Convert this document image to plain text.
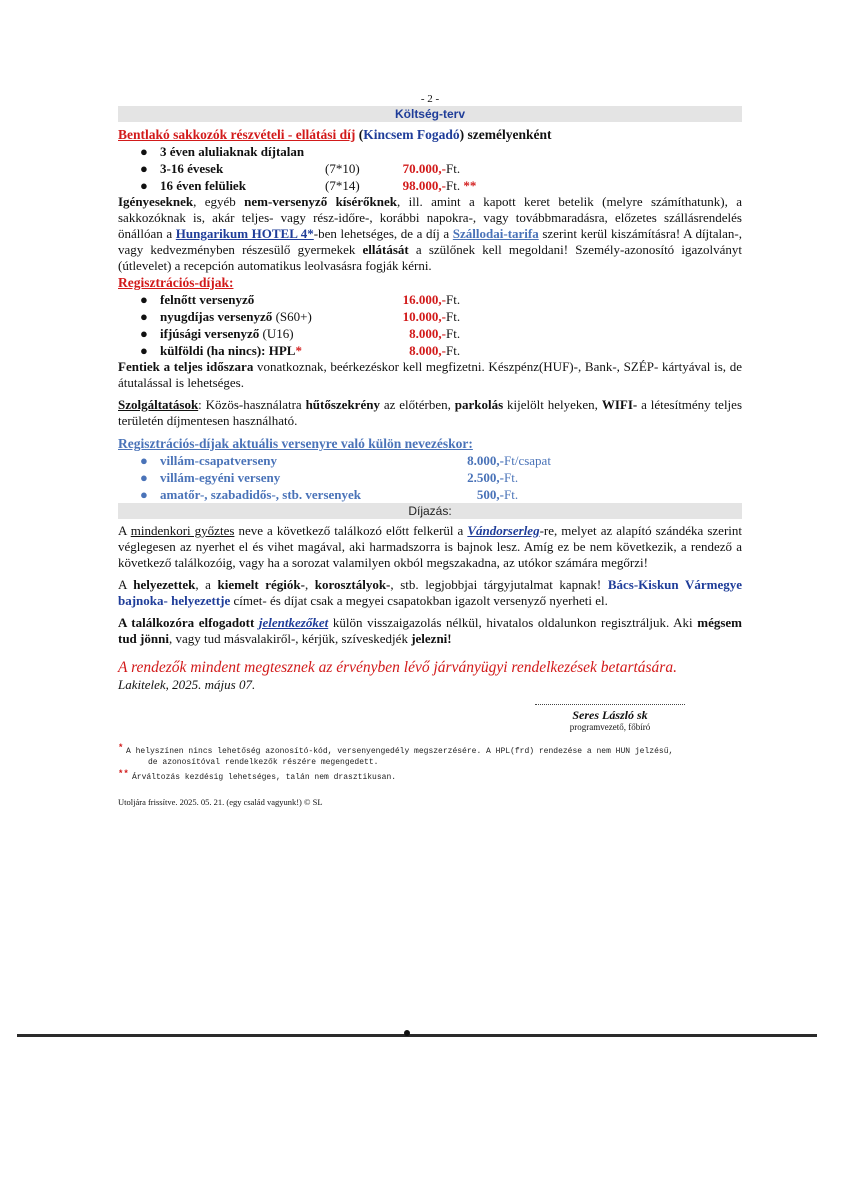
- 2 -
Költség-terv
Bentlakó sakkozók részvételi - ellátási díj (Kincsem Fogadó) személyenként
● 3 éven aluliaknak díjtalan
● 3-16 évesek	(7*10)	70.000,- Ft.
● 16 éven felüliek	(7*14)	98.000,- Ft. **

Igényeseknek, egyéb nem-versenyző kísérőknek, ill. amint a kapott keret betelik (melyre számíthatunk), a sakkozóknak is, akár teljes- vagy rész-időre-, korábbi napokra-, vagy továbbmaradásra, előzetes szállásrendelés önállóan a Hungarikum HOTEL 4*-ben lehetséges, de a díj a Szállodai-tarifa szerint kerül kiszámításra! A díjtalan-, vagy kedvezményben részesülő gyermekek ellátását a szülőnek kell megoldani! Személy-azonosító igazolványt (útlevelet) a recepción automatikus leolvasásra fogják kérni.

Regisztrációs-díjak:
● felnőtt versenyző	16.000,- Ft.
● nyugdíjas versenyző (S60+)	10.000,- Ft.
● ifjúsági versenyző (U16)	8.000,- Ft.
● külföldi (ha nincs): HPL*	8.000,- Ft.

Fentiek a teljes időszara vonatkoznak, beérkezéskor kell megfizetni. Készpénz(HUF)-, Bank-, SZÉP- kártyával is, de átutalással is lehetséges.

Szolgáltatások: Közös-használatra hűtőszekrény az előtérben, parkolás kijelölt helyeken, WIFI- a létesítmény teljes területén díjmentesen használható.

Regisztrációs-díjak aktuális versenyre való külön nevezéskor:
● villám-csapatverseny	8.000,- Ft/csapat
● villám-egyéni verseny	2.500,- Ft.
● amatőr-, szabadidős-, stb. versenyek	500,- Ft.
Díjazás:

A mindenkori győztes neve a következő találkozó előtt felkerül a Vándorserleg-re, melyet az alapító szándéka szerint véglegesen az nyerhet el és vihet magával, aki harmadszorra is bajnok lesz. Amíg ez be nem következik, a rendező a következő találkozóig, vagy ha a sorozat valamilyen okból megszakadna, az utókor számára megőrzi!

A helyezettek, a kiemelt régiók-, korosztályok-, stb. legjobbjai tárgyjutalmat kapnak! Bács-Kiskun Vármegye bajnoka- helyezettje címet- és díjat csak a megyei csapatokban igazolt versenyző nyerheti el.

A találkozóra elfogadott jelentkezőket külön visszaigazolás nélkül, hivatalos oldalunkon regisztráljuk. Aki mégsem tud jönni, vagy tud másvalakiről-, kérjük, szíveskedjék jelezni!

A rendezők mindent megtesznek az érvényben lévő járványügyi rendelkezések betartására.
Lakitelek, 2025. május 07.
Seres László sk
programvezető, főbíró
* A helyszínen nincs lehetőség azonosító-kód, versenyengedély megszerzésére. A HPL(frd) rendezése a nem HUN jelzésű,
de azonosítóval rendelkezők részére megengedett.
** Árváltozás kezdésig lehetséges, talán nem drasztikusan.
Utoljára frissítve. 2025. 05. 21. (egy család vagyunk!) © SL
